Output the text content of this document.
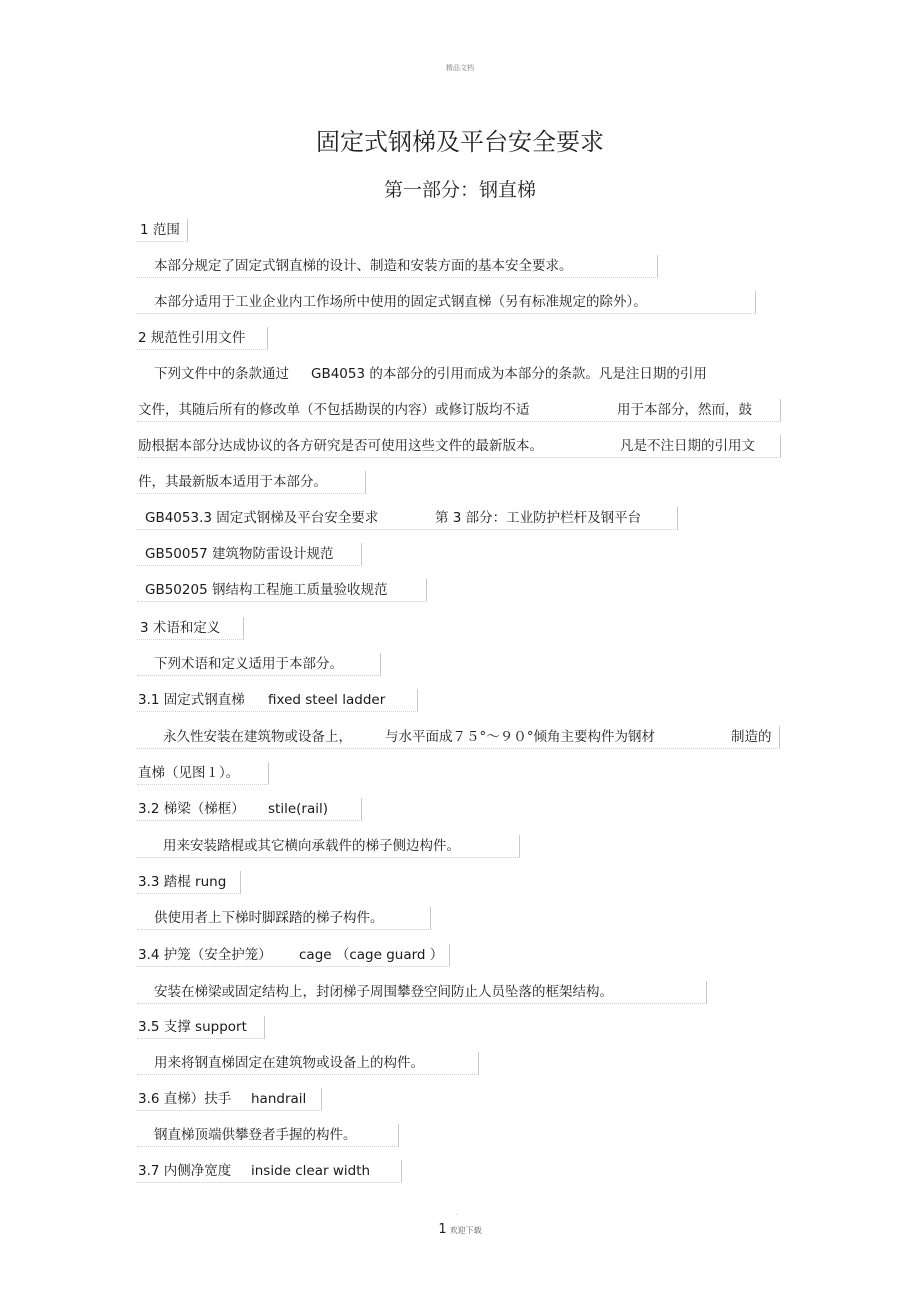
精品文档
固定式钢梯及平台安全要求
第一部分：钢直梯
1 范围
本部分规定了固定式钢直梯的设计、制造和安装方面的基本安全要求。
本部分适用于工业企业内工作场所中使用的固定式钢直梯（另有标准规定的除外）。
2 规范性引用文件
下列文件中的条款通过 GB4053 的本部分的引用而成为本部分的条款。凡是注日期的引用
文件，其随后所有的修改单（不包括勘误的内容）或修订版均不适	用于本部分，然而，鼓
励根据本部分达成协议的各方研究是否可使用这些文件的最新版本。	凡是不注日期的引用文
件，其最新版本适用于本部分。
GB4053.3 固定式钢梯及平台安全要求	第 3 部分：工业防护栏杆及钢平台
GB50057 建筑物防雷设计规范
GB50205 钢结构工程施工质量验收规范
3 术语和定义
下列术语和定义适用于本部分。
3.1 固定式钢直梯 fixed steel ladder
永久性安装在建筑物或设备上， 与水平面成７５°～９０°倾角主要构件为钢材	制造的
直梯（见图１）。
3.2 梯梁（梯框） stile(rail)
用来安装踏棍或其它横向承载件的梯子侧边构件。
3.3 踏棍 rung
供使用者上下梯时脚踩踏的梯子构件。
3.4 护笼（安全护笼） cage （cage guard ）
安装在梯梁或固定结构上，封闭梯子周围攀登空间防止人员坠落的框架结构。
3.5 支撑 support
用来将钢直梯固定在建筑物或设备上的构件。
3.6 直梯）扶手 handrail
钢直梯顶端供攀登者手握的构件。
3.7 内侧净宽度 inside clear width
.
1 欢迎下载
